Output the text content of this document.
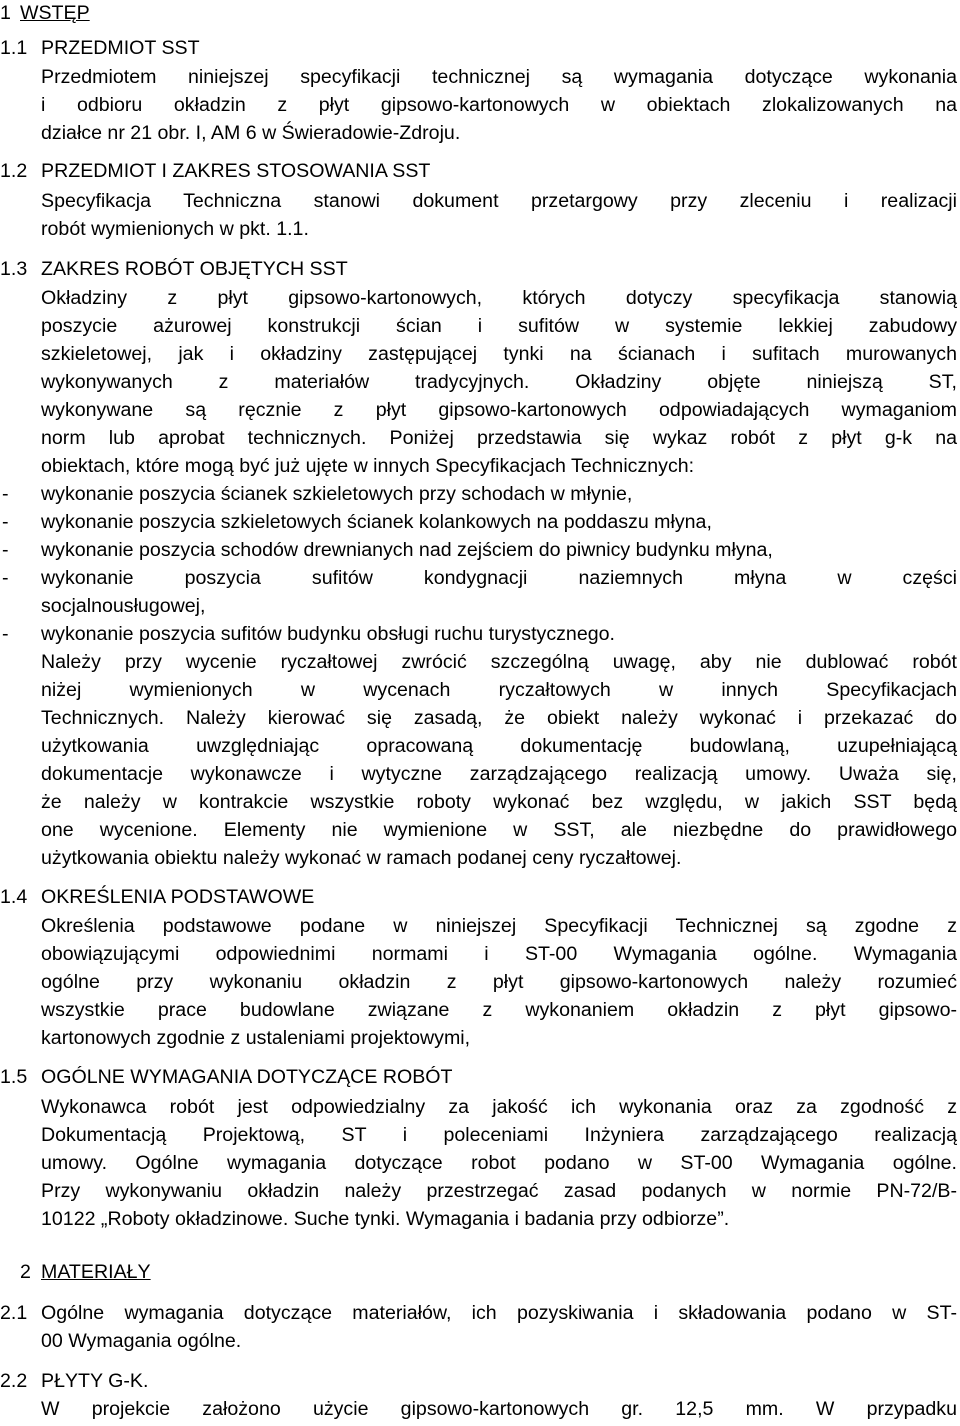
1 WSTĘP
1.1 PRZEDMIOT SST
Przedmiotem niniejszej specyfikacji technicznej są wymagania dotyczące wykonania
i odbioru okładzin z płyt gipsowo-kartonowych w obiektach zlokalizowanych na
działce nr 21 obr. I, AM 6 w Świeradowie-Zdroju.
1.2 PRZEDMIOT I ZAKRES STOSOWANIA SST
Specyfikacja Techniczna stanowi dokument przetargowy przy zleceniu i realizacji
robót wymienionych w pkt. 1.1.
1.3 ZAKRES ROBÓT OBJĘTYCH SST
Okładziny z płyt gipsowo-kartonowych, których dotyczy specyfikacja stanowią
poszycie ażurowej konstrukcji ścian i sufitów w systemie lekkiej zabudowy
szkieletowej, jak i okładziny zastępującej tynki na ścianach i sufitach murowanych
wykonywanych z materiałów tradycyjnych. Okładziny objęte niniejszą ST,
wykonywane są ręcznie z płyt gipsowo-kartonowych odpowiadających wymaganiom
norm lub aprobat technicznych. Poniżej przedstawia się wykaz robót z płyt g-k na
obiektach, które mogą być już ujęte w innych Specyfikacjach Technicznych:
- wykonanie poszycia ścianek szkieletowych przy schodach w młynie,
- wykonanie poszycia szkieletowych ścianek kolankowych na poddaszu młyna,
- wykonanie poszycia schodów drewnianych nad zejściem do piwnicy budynku młyna,
- wykonanie poszycia sufitów kondygnacji naziemnych młyna w części
socjalnousługowej,
- wykonanie poszycia sufitów budynku obsługi ruchu turystycznego.
Należy przy wycenie ryczałtowej zwrócić szczególną uwagę, aby nie dublować robót
niżej wymienionych w wycenach ryczałtowych w innych Specyfikacjach
Technicznych. Należy kierować się zasadą, że obiekt należy wykonać i przekazać do
użytkowania uwzględniając opracowaną dokumentację budowlaną, uzupełniającą
dokumentacje wykonawcze i wytyczne zarządzającego realizacją umowy. Uważa się,
że należy w kontrakcie wszystkie roboty wykonać bez względu, w jakich SST będą
one wycenione. Elementy nie wymienione w SST, ale niezbędne do prawidłowego
użytkowania obiektu należy wykonać w ramach podanej ceny ryczałtowej.
1.4 OKREŚLENIA PODSTAWOWE
Określenia podstawowe podane w niniejszej Specyfikacji Technicznej są zgodne z
obowiązującymi odpowiednimi normami i ST-00 Wymagania ogólne. Wymagania
ogólne przy wykonaniu okładzin z płyt gipsowo-kartonowych należy rozumieć
wszystkie prace budowlane związane z wykonaniem okładzin z płyt gipsowo-
kartonowych zgodnie z ustaleniami projektowymi,
1.5 OGÓLNE WYMAGANIA DOTYCZĄCE ROBÓT
Wykonawca robót jest odpowiedzialny za jakość ich wykonania oraz za zgodność z
Dokumentacją Projektową, ST i poleceniami Inżyniera zarządzającego realizacją
umowy. Ogólne wymagania dotyczące robot podano w ST-00 Wymagania ogólne.
Przy wykonywaniu okładzin należy przestrzegać zasad podanych w normie PN-72/B-
10122 „Roboty okładzinowe. Suche tynki. Wymagania i badania przy odbiorze”.
2 MATERIAŁY
2.1 Ogólne wymagania dotyczące materiałów, ich pozyskiwania i składowania podano w ST-
00 Wymagania ogólne.
2.2 PŁYTY G-K.
W projekcie założono użycie gipsowo-kartonowych gr. 12,5 mm. W przypadku
